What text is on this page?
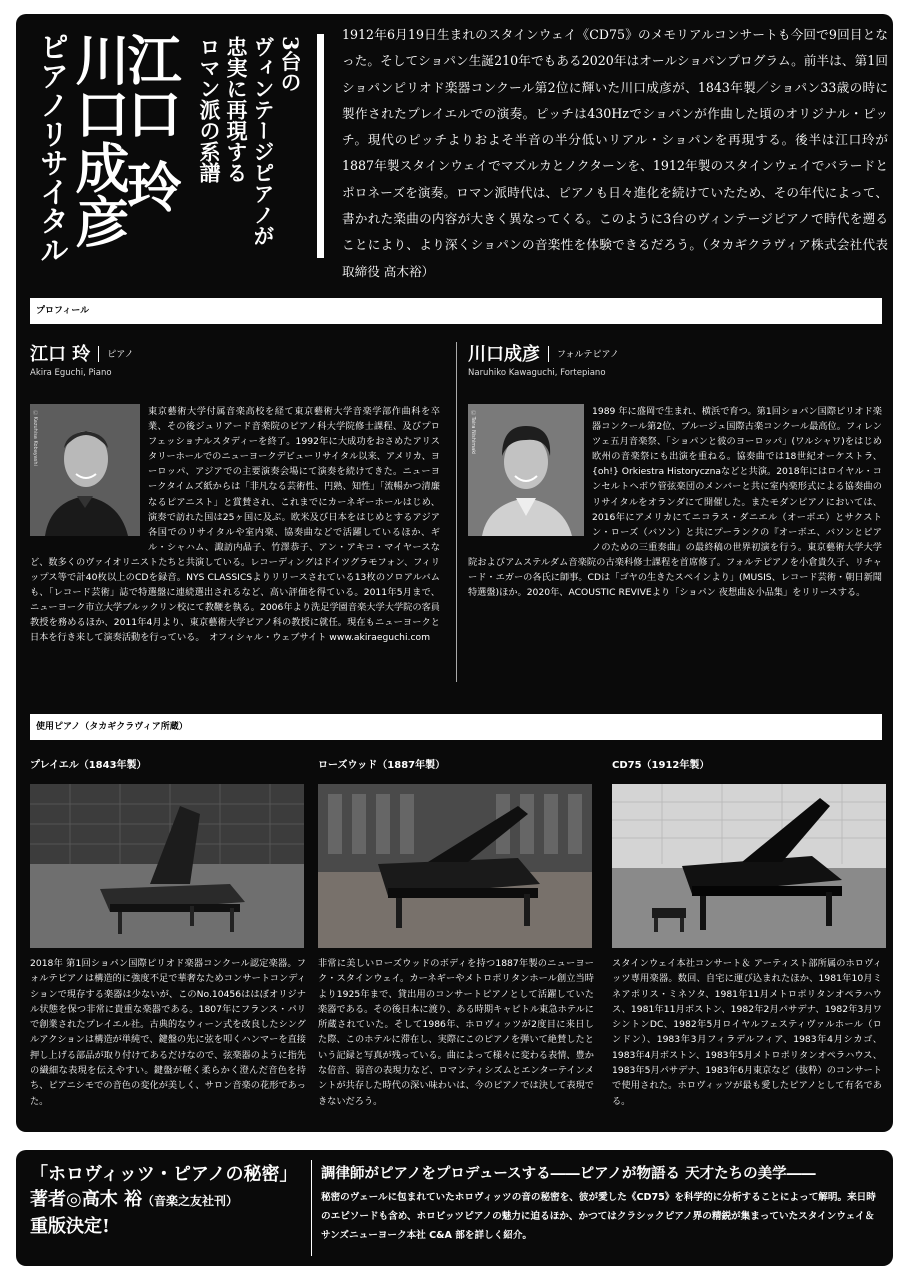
江口 玲
川口成彦
ピアノリサイタル	3台の
ヴィンテージピアノが
忠実に再現する
ロマン派の系譜
1912年6月19日生まれのスタインウェイ《CD75》のメモリアルコンサートも今回で9回目となった。そしてショパン生誕210年でもある2020年はオールショパンプログラム。前半は、第1回ショパンピリオド楽器コンクール第2位に輝いた川口成彦が、1843年製／ショパン33歳の時に製作されたプレイエルでの演奏。ピッチは430Hzでショパンが作曲した頃のオリジナル・ピッチ。現代のピッチよりおよそ半音の半分低いリアル・ショパンを再現する。後半は江口玲が1887年製スタインウェイでマズルカとノクターンを、1912年製のスタインウェイでバラードとポロネーズを演奏。ロマン派時代は、ピアノも日々進化を続けていたため、その年代によって、書かれた楽曲の内容が大きく異なってくる。このように3台のヴィンテージピアノで時代を遡ることにより、より深くショパンの音楽性を体験できるだろう。（タカギクラヴィア株式会社代表取締役 高木裕）
プロフィール
江口 玲 ピアノ
Akira Eguchi, Piano
Ⓒ Kazuhisa Kobayashi	東京藝術大学付属音楽高校を経て東京藝術大学音楽学部作曲科を卒業、その後ジュリアード音楽院のピアノ科大学院修士課程、及びプロフェッショナルスタディーを終了。1992年に大成功をおさめたアリスタリーホールでのニューヨークデビューリサイタル以来、アメリカ、ヨーロッパ、アジアでの主要演奏会場にて演奏を続けてきた。ニューヨークタイムズ紙からは「非凡なる芸術性、円熟、知性」「流暢かつ清廉なるピアニスト」と賞賛され、これまでにカーネギーホールはじめ、演奏で訪れた国は25ヶ国に及ぶ。欧米及び日本をはじめとするアジア各国でのリサイタルや室内楽、協奏曲などで活躍しているほか、ギル・シャハム、諏訪内晶子、竹澤恭子、アン・アキコ・マイヤースなど、数多くのヴァイオリニストたちと共演している。レコーディングはドイツグラモフォン、フィリップス等で計40枚以上のCDを録音。NYS CLASSICSよりリリースされている13枚のソロアルバムも、「レコード芸術」誌で特選盤に連続選出されるなど、高い評価を得ている。2011年5月まで、ニューヨーク市立大学ブルックリン校にて教鞭を執る。2006年より洗足学園音楽大学大学院の客員教授を務めるほか、2011年4月より、東京藝術大学ピアノ科の教授に就任。現在もニューヨークと日本を行き来して演奏活動を行っている。　オフィシャル・ウェブサイト www.akiraeguchi.com
川口成彦 フォルテピアノ
Naruhiko Kawaguchi, Fortepiano
Ⓒ Taira Nishimaki	1989 年に盛岡で生まれ、横浜で育つ。第1回ショパン国際ピリオド楽器コンクール第2位、ブルージュ国際古楽コンクール最高位。フィレンツェ五月音楽祭、「ショパンと彼のヨーロッパ」(ワルシャワ)をはじめ欧州の音楽祭にも出演を重ねる。協奏曲では18世紀オーケストラ、{oh!} Orkiestra Historycznaなどと共演。2018年にはロイヤル・コンセルトヘボウ管弦楽団のメンバーと共に室内楽形式による協奏曲のリサイタルをオランダにて開催した。またモダンピアノにおいては、2016年にアメリカにてニコラス・ダニエル（オーボエ）とサクストン・ローズ（バソン）と共にプーランクの『オーボエ、バソンとピアノのための三重奏曲』の最終稿の世界初演を行う。東京藝術大学大学院およびアムステルダム音楽院の古楽科修士課程を首席修了。フォルテピアノを小倉貴久子、リチャード・エガーの各氏に師事。CDは「ゴヤの生きたスペインより」(MUSIS、レコード芸術・朝日新聞特選盤)ほか。2020年、ACOUSTIC REVIVEより「ショパン 夜想曲＆小品集」をリリースする。
使用ピアノ（タカギクラヴィア所蔵）
プレイエル（1843年製）
2018年 第1回ショパン国際ピリオド楽器コンクール認定楽器。フォルテピアノは構造的に強度不足で華奢なためコンサートコンディションで現存する楽器は少ないが、このNo.10456ははぼオリジナル状態を保つ非常に貴重な楽器である。1807年にフランス・パリで創業されたプレイエル社。古典的なウィーン式を改良したシングルアクションは構造が単純で、鍵盤の先に弦を叩くハンマーを直接押し上げる部品が取り付けてあるだけなので、弦楽器のように指先の繊細な表現を伝えやすい。鍵盤が軽く柔らかく澄んだ音色を持ち、ピアニシモでの音色の変化が美しく、サロン音楽の花形であった。
ローズウッド（1887年製）
非常に美しいローズウッドのボディを持つ1887年製のニューヨーク・スタインウェイ。カーネギーやメトロポリタンホール創立当時より1925年まで、貸出用のコンサートピアノとして活躍していた楽器である。その後日本に渡り、ある時期キャピトル東急ホテルに所蔵されていた。そして1986年、ホロヴィッツが2度目に来日した際、このホテルに滞在し、実際にこのピアノを弾いて絶賛したという記録と写真が残っている。曲によって様々に変わる表情、豊かな倍音、弱音の表現力など、ロマンティシズムとエンターテインメントが共存した時代の深い味わいは、今のピアノでは決して表現できないだろう。
CD75（1912年製）
スタインウェイ本社コンサート＆ アーティスト部所属のホロヴィッツ専用楽器。数回、自宅に運び込まれたほか、1981年10月ミネアポリス・ミネソタ、1981年11月メトロポリタンオペラハウス、1981年11月ボストン、1982年2月パサデナ、1982年3月ワシントンDC、1982年5月ロイヤルフェスティヴァルホール（ロンドン）、1983年3月フィラデルフィア、1983年4月シカゴ、1983年4月ボストン、1983年5月メトロポリタンオペラハウス、1983年5月パサデナ、1983年6月東京など（抜粋）のコンサートで使用された。ホロヴィッツが最も愛したピアノとして有名である。
「ホロヴィッツ・ピアノの秘密」
著者◎高木 裕（音楽之友社刊）
重版決定!
調律師がピアノをプロデュースする――ピアノが物語る 天才たちの美学――
秘密のヴェールに包まれていたホロヴィッツの音の秘密を、彼が愛した《CD75》を科学的に分析することによって解明。来日時のエピソードも含め、ホロビッツピアノの魅力に迫るほか、かつてはクラシックピアノ界の精鋭が集まっていたスタインウェイ＆サンズニューヨーク本社 C&A 部を詳しく紹介。
